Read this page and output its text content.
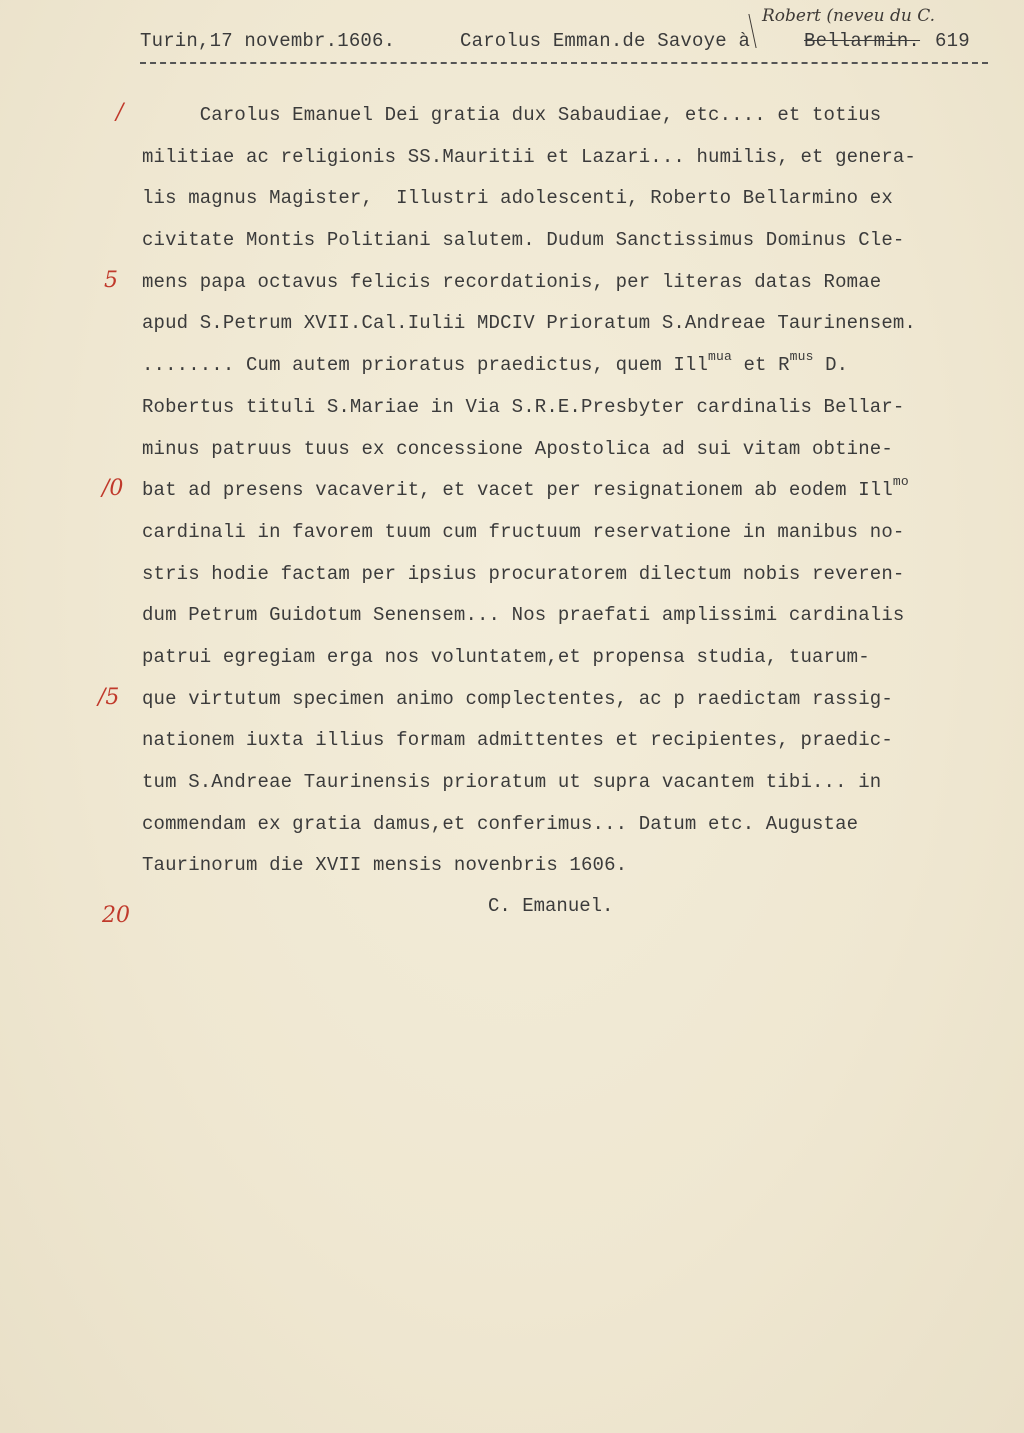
Turin,17 novembr.1606.

	Carolus Emman.de Savoye à

	Bellarmin.

619

Robert (neveu du C.
Carolus Emanuel Dei gratia dux Sabaudiae, etc.... et totius
militiae ac religionis SS.Mauritii et Lazari... humilis, et genera-
lis magnus Magister,  Illustri adolescenti, Roberto Bellarmino ex
civitate Montis Politiani salutem. Dudum Sanctissimus Dominus Cle-
mens papa octavus felicis recordationis, per literas datas Romae
apud S.Petrum XVII.Cal.Iulii MDCIV Prioratum S.Andreae Taurinensem.
........ Cum autem prioratus praedictus, quem Ill$^{mua}$ et $R^{mus}$ D.
Robertus tituli S.Mariae in Via S.R.E.Presbyter cardinalis Bellar-
minus patruus tuus ex concessione Apostolica ad sui vitam obtine-
bat ad presens vacaverit, et vacet per resignationem ab eodem Ill$^{mo}$
cardinali in favorem tuum cum fructuum reservatione in manibus no-
stris hodie factam per ipsius procuratorem dilectum nobis reveren-
dum Petrum Guidotum Senensem... Nos praefati amplissimi cardinalis
patrui egregiam erga nos voluntatem,et propensa studia, tuarum-
que virtutum specimen animo complectentes, ac p raedictam rassig-
nationem iuxta illius formam admittentes et recipientes, praedic-
tum S.Andreae Taurinensis prioratum ut supra vacantem tibi... in
commendam ex gratia damus,et conferimus... Datum etc. Augustae
Taurinorum die XVII mensis novenbris 1606.
C. Emanuel.
/
5
/0
/5
20
